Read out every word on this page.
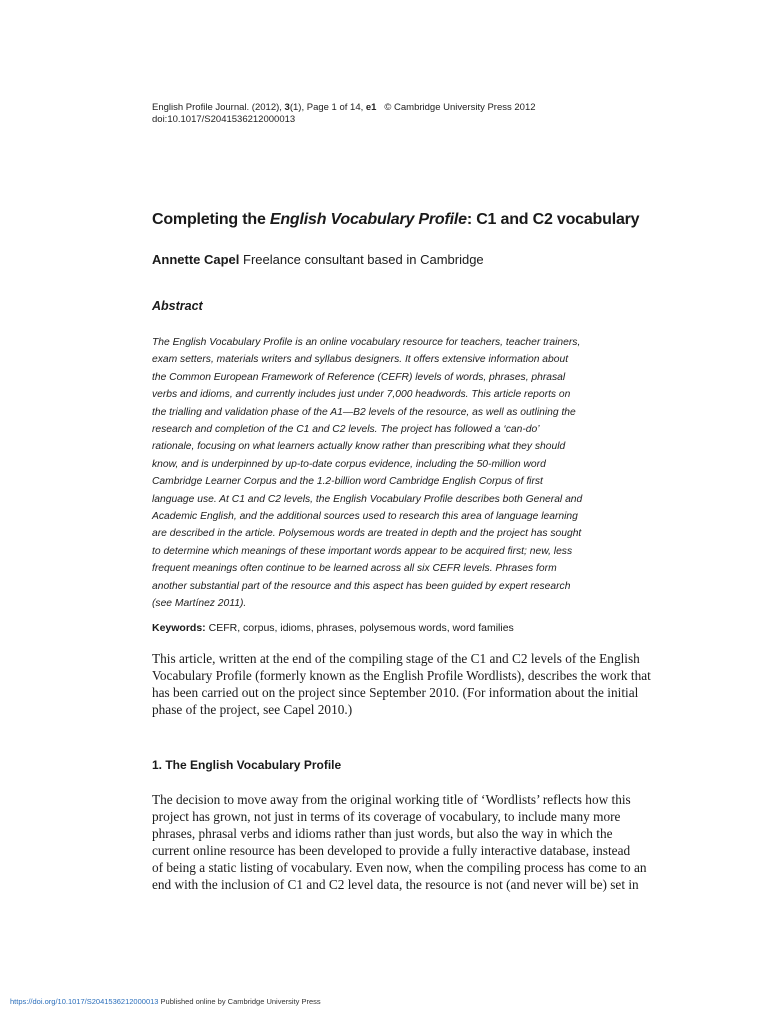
English Profile Journal. (2012), 3(1), Page 1 of 14, e1 © Cambridge University Press 2012
doi:10.1017/S2041536212000013
Completing the English Vocabulary Profile: C1 and C2 vocabulary
Annette Capel Freelance consultant based in Cambridge
Abstract

The English Vocabulary Profile is an online vocabulary resource for teachers, teacher trainers,

exam setters, materials writers and syllabus designers. It offers extensive information about

the Common European Framework of Reference (CEFR) levels of words, phrases, phrasal

verbs and idioms, and currently includes just under 7,000 headwords. This article reports on

the trialling and validation phase of the A1—B2 levels of the resource, as well as outlining the

research and completion of the C1 and C2 levels. The project has followed a ‘can-do’

rationale, focusing on what learners actually know rather than prescribing what they should

know, and is underpinned by up-to-date corpus evidence, including the 50-million word

Cambridge Learner Corpus and the 1.2-billion word Cambridge English Corpus of first

language use. At C1 and C2 levels, the English Vocabulary Profile describes both General and

Academic English, and the additional sources used to research this area of language learning

are described in the article. Polysemous words are treated in depth and the project has sought

to determine which meanings of these important words appear to be acquired first; new, less

frequent meanings often continue to be learned across all six CEFR levels. Phrases form

another substantial part of the resource and this aspect has been guided by expert research

(see Martínez 2011).

Keywords: CEFR, corpus, idioms, phrases, polysemous words, word families

This article, written at the end of the compiling stage of the C1 and C2 levels of the English

Vocabulary Profile (formerly known as the English Profile Wordlists), describes the work that

has been carried out on the project since September 2010. (For information about the initial

phase of the project, see Capel 2010.)

1. The English Vocabulary Profile

The decision to move away from the original working title of ‘Wordlists’ reflects how this

project has grown, not just in terms of its coverage of vocabulary, to include many more

phrases, phrasal verbs and idioms rather than just words, but also the way in which the

current online resource has been developed to provide a fully interactive database, instead

of being a static listing of vocabulary. Even now, when the compiling process has come to an

end with the inclusion of C1 and C2 level data, the resource is not (and never will be) set in

https://doi.org/10.1017/S2041536212000013 Published online by Cambridge University Press
